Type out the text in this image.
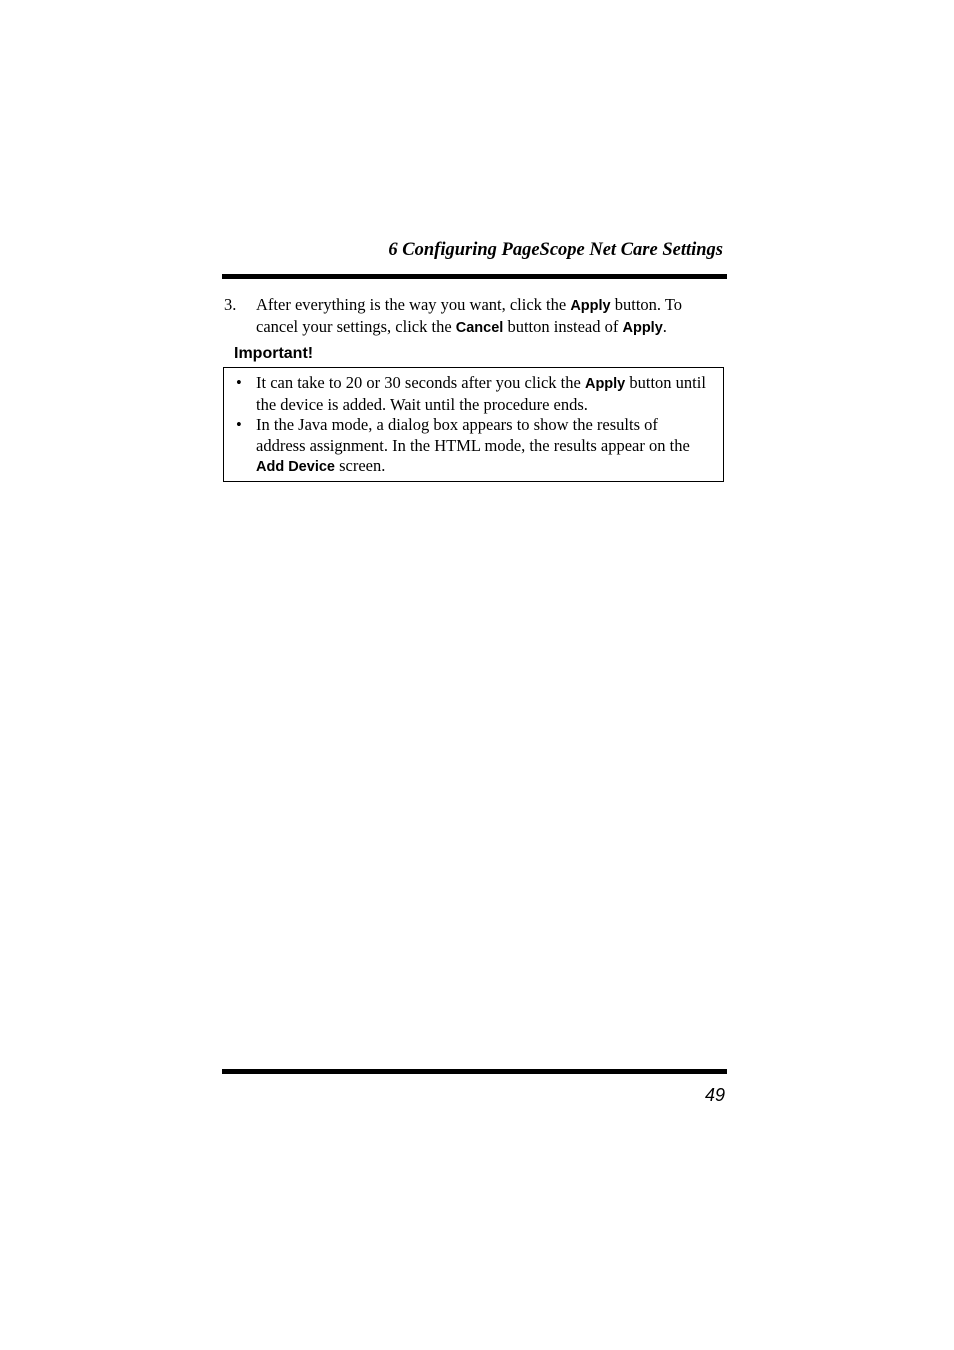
6 Configuring PageScope Net Care Settings
3. After everything is the way you want, click the Apply button. To cancel your settings, click the Cancel button instead of Apply.
Important!
• It can take to 20 or 30 seconds after you click the Apply button until the device is added. Wait until the procedure ends.
• In the Java mode, a dialog box appears to show the results of address assignment. In the HTML mode, the results appear on the Add Device screen.
49
